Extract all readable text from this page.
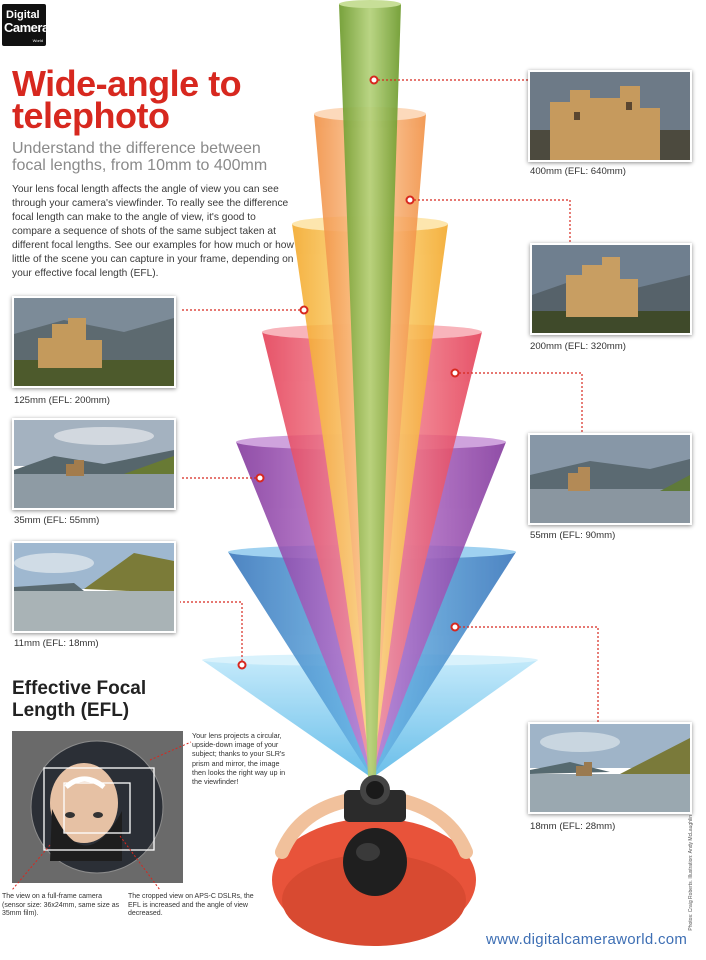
Digital
Camera
World
Wide-angle to telephoto
Understand the difference between focal lengths, from 10mm to 400mm
Your lens focal length affects the angle of view you can see through your camera's viewfinder. To really see the difference focal length can make to the angle of view, it's good to compare a sequence of shots of the same subject taken at different focal lengths. See our examples for how much or how little of the scene you can capture in your frame, depending on your effective focal length (EFL).
400mm (EFL: 640mm)
200mm (EFL: 320mm)
55mm (EFL: 90mm)
18mm (EFL: 28mm)
125mm (EFL: 200mm)
35mm (EFL: 55mm)
11mm (EFL: 18mm)
Effective Focal Length (EFL)
Your lens projects a circular, upside-down image of your subject; thanks to your SLR's prism and mirror, the image then looks the right way up in the viewfinder!
The view on a full-frame camera (sensor size: 36x24mm, same size as 35mm film).
The cropped view on APS-C DSLRs, the EFL is increased and the angle of view decreased.	Photos: Craig Roberts. Illustration: Andy McLaughlin
www.digitalcameraworld.com
